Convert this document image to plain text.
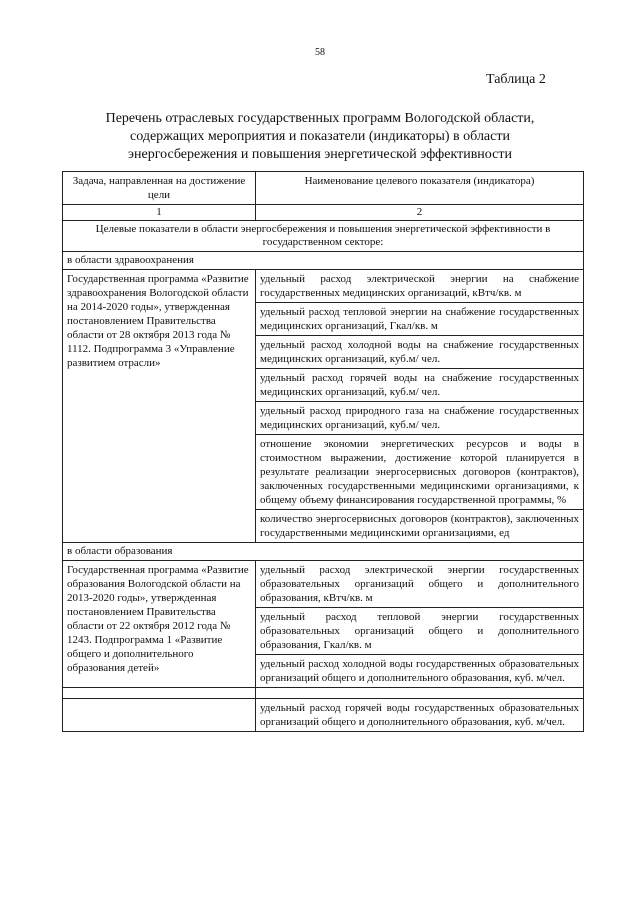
58
Таблица 2
Перечень отраслевых государственных программ Вологодской области, содержащих мероприятия и показатели (индикаторы) в области энергосбережения и повышения энергетической эффективности
Задача, направленная на достижение цели	Наименование целевого показателя (индикатора)
1	2
Целевые показатели в области энергосбережения и повышения энергетической эффективности в государственном секторе:	
в области здравоохранения	
Государственная программа «Развитие здравоохранения Вологодской области на 2014-2020 годы», утвержденная постановлением Правительства области от 28 октября 2013 года № 1112. Подпрограмма 3 «Управление развитием отрасли»	удельный расход электрической энергии на снабжение государственных медицинских организаций, кВтч/кв. м
	удельный расход тепловой энергии на снабжение государственных медицинских организаций, Гкал/кв. м
	удельный расход холодной воды на снабжение государственных медицинских организаций, куб.м/ чел.
	удельный расход горячей воды на снабжение государственных медицинских организаций, куб.м/ чел.
	удельный расход природного газа на снабжение государственных медицинских организаций, куб.м/ чел.
	отношение экономии энергетических ресурсов и воды в стоимостном выражении, достижение которой планируется в результате реализации энергосервисных договоров (контрактов), заключенных государственными медицинскими организациями, к общему объему финансирования государственной программы, %
	количество энергосервисных договоров (контрактов), заключенных государственными медицинскими организациями, ед
в области образования	
Государственная программа «Развитие образования Вологодской области на 2013-2020 годы», утвержденная постановлением Правительства области от 22 октября 2012 года № 1243. Подпрограмма 1 «Развитие общего и дополнительного образования детей»	удельный расход электрической энергии государственных образовательных организаций общего и дополнительного образования, кВтч/кв. м
	удельный расход тепловой энергии государственных образовательных организаций общего и дополнительного образования, Гкал/кв. м
	удельный расход холодной воды государственных образовательных организаций общего и дополнительного образования, куб. м/чел.

	удельный расход горячей воды государственных образовательных организаций общего и дополнительного образования, куб. м/чел.
